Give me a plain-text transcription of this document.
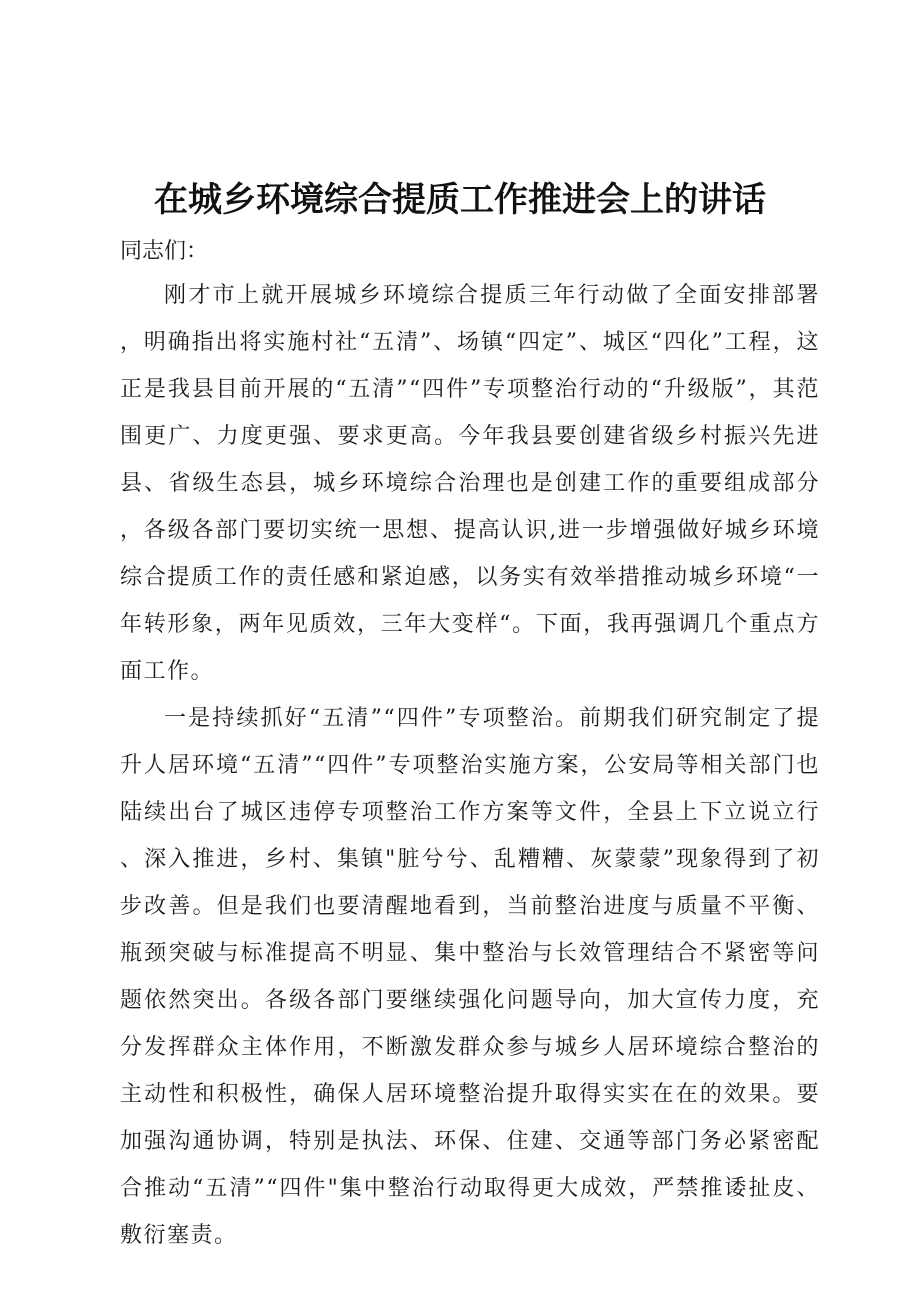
在城乡环境综合提质工作推进会上的讲话

同志们：

刚才市上就开展城乡环境综合提质三年行动做了全面安排部署，明确指出将实施村社“五清”、场镇“四定”、城区“四化”工程，这正是我县目前开展的“五清”“四件”专项整治行动的“升级版”，其范围更广、力度更强、要求更高。今年我县要创建省级乡村振兴先进县、省级生态县，城乡环境综合治理也是创建工作的重要组成部分，各级各部门要切实统一思想、提高认识,进一步增强做好城乡环境综合提质工作的责任感和紧迫感，以务实有效举措推动城乡环境“一年转形象，两年见质效，三年大变样“。下面，我再强调几个重点方面工作。

一是持续抓好“五清”“四件”专项整治。前期我们研究制定了提升人居环境“五清”“四件”专项整治实施方案，公安局等相关部门也陆续出台了城区违停专项整治工作方案等文件，全县上下立说立行、深入推进，乡村、集镇"脏兮兮、乱糟糟、灰蒙蒙”现象得到了初步改善。但是我们也要清醒地看到，当前整治进度与质量不平衡、瓶颈突破与标准提高不明显、集中整治与长效管理结合不紧密等问题依然突出。各级各部门要继续强化问题导向，加大宣传力度，充分发挥群众主体作用，不断激发群众参与城乡人居环境综合整治的主动性和积极性，确保人居环境整治提升取得实实在在的效果。要加强沟通协调，特别是执法、环保、住建、交通等部门务必紧密配合推动“五清”“四件"集中整治行动取得更大成效，严禁推诿扯皮、敷衍塞责。
